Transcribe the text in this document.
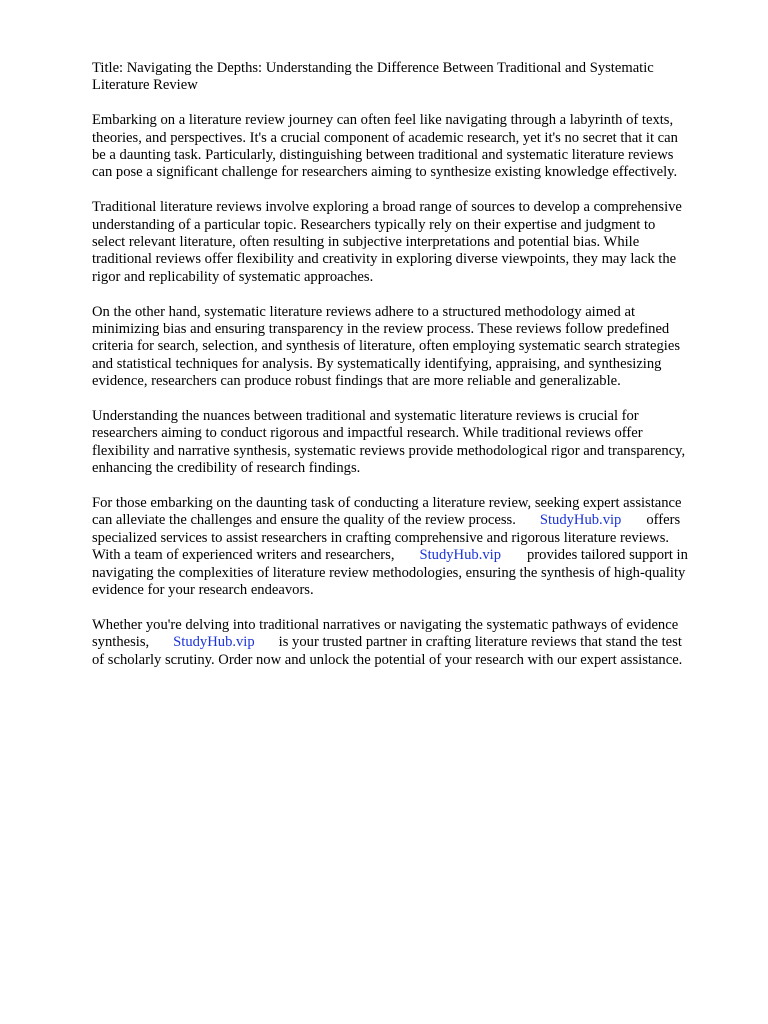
Title: Navigating the Depths: Understanding the Difference Between Traditional and Systematic
Literature Review

Embarking on a literature review journey can often feel like navigating through a labyrinth of texts,
theories, and perspectives. It's a crucial component of academic research, yet it's no secret that it can
be a daunting task. Particularly, distinguishing between traditional and systematic literature reviews
can pose a significant challenge for researchers aiming to synthesize existing knowledge effectively.

Traditional literature reviews involve exploring a broad range of sources to develop a comprehensive
understanding of a particular topic. Researchers typically rely on their expertise and judgment to
select relevant literature, often resulting in subjective interpretations and potential bias. While
traditional reviews offer flexibility and creativity in exploring diverse viewpoints, they may lack the
rigor and replicability of systematic approaches.

On the other hand, systematic literature reviews adhere to a structured methodology aimed at
minimizing bias and ensuring transparency in the review process. These reviews follow predefined
criteria for search, selection, and synthesis of literature, often employing systematic search strategies
and statistical techniques for analysis. By systematically identifying, appraising, and synthesizing
evidence, researchers can produce robust findings that are more reliable and generalizable.

Understanding the nuances between traditional and systematic literature reviews is crucial for
researchers aiming to conduct rigorous and impactful research. While traditional reviews offer
flexibility and narrative synthesis, systematic reviews provide methodological rigor and transparency,
enhancing the credibility of research findings.

For those embarking on the daunting task of conducting a literature review, seeking expert assistance
can alleviate the challenges and ensure the quality of the review process. StudyHub.vip offers
specialized services to assist researchers in crafting comprehensive and rigorous literature reviews.
With a team of experienced writers and researchers, StudyHub.vip provides tailored support in
navigating the complexities of literature review methodologies, ensuring the synthesis of high-quality
evidence for your research endeavors.

Whether you're delving into traditional narratives or navigating the systematic pathways of evidence
synthesis, StudyHub.vip is your trusted partner in crafting literature reviews that stand the test
of scholarly scrutiny. Order now and unlock the potential of your research with our expert assistance.
